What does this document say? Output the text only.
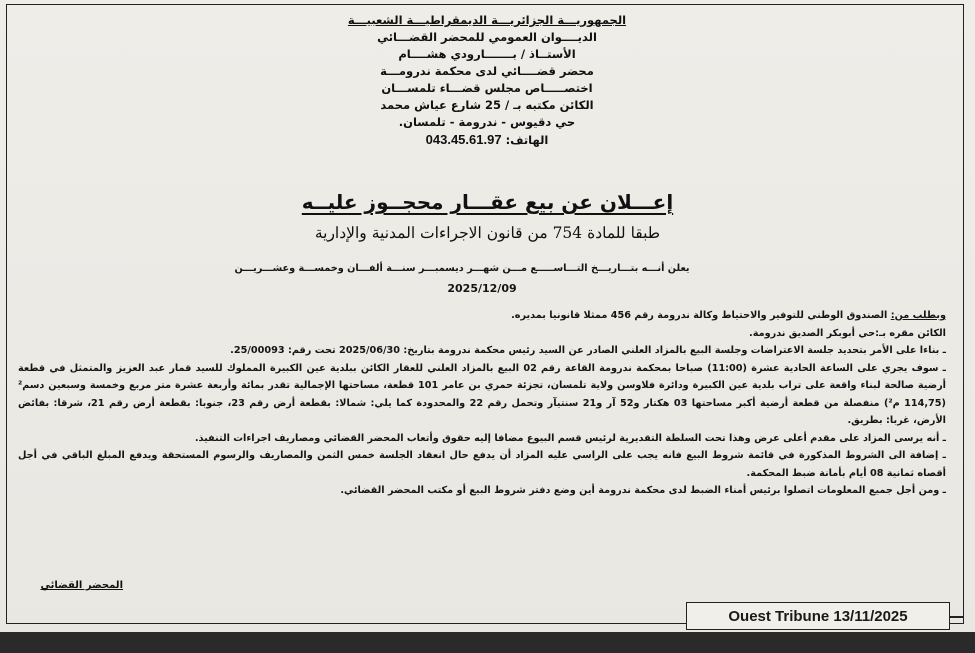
الجمهوريـــة الجزائريـــة الديمقراطيـــة الشعبيـــة
الديــــوان العمومي للمحضر القضـــائي
الأستــاذ / بـــــــارودي هشــــام
محضر قضــــائي لدى محكمة ندرومـــة
اختصـــــاص مجلس قضـــاء تلمســـان
الكائن مكتبه بـ / 25 شارع عياش محمد
حي دقيوس - ندرومة - تلمسان.
الهاتف: 043.45.61.97
إعـــلان عن بيع عقـــار محجــوز عليــه
طبقا للمادة 754 من قانون الاجراءات المدنية والإدارية

يعلن أنـــه بتـــاريـــخ التـــاســـــع مـــن شهـــر ديسمبـــر سنـــة ألفـــان وخمســـة وعشـــريـــن

2025/12/09

وبطلب من: الصندوق الوطني للتوفير والاحتياط وكالة ندرومة رقم 456 ممثلا قانونيا بمديره.

الكائن مقره بـ:حي أبوبكر الصديق ندرومة.

ـ بناءا على الأمر بتحديد جلسة الاعتراضات وجلسة البيع بالمزاد العلني الصادر عن السيد رئيس محكمة ندرومة بتاريخ: 2025/06/30 تحت رقم: 25/00093.

ـ سوف يجري على الساعة الحادية عشرة (11:00) صباحا بمحكمة ندرومة القاعة رقم 02 البيع بالمزاد العلني للعقار الكائن ببلدية عين الكبيرة المملوك للسيد قمار عبد العزيز والمتمثل في قطعة أرضية صالحة لبناء واقعة على تراب بلدية عين الكبيرة ودائرة فلاوسن ولاية تلمسان، تجزئة حمري بن عامر 101 قطعة، مساحتها الإجمالية تقدر بمائة وأربعة عشرة متر مربع وخمسة وسبعين دسم² (114,75 م²) منفصلة من قطعة أرضية أكبر مساحتها 03 هكتار و52 آر و21 سنتيآر وتحمل رقم 22 والمحدودة كما يلي: شمالا: بقطعة أرض رقم 23، جنوبا: بقطعة أرض رقم 21، شرقا: بفائض الأرض، غربا: بطريق.

ـ أنه يرسى المزاد على مقدم أعلى عرض وهذا تحت السلطة التقديرية لرئيس قسم البيوع مضافا إليه حقوق وأتعاب المحضر القضائي ومصاريف اجراءات التنفيذ.

ـ إضافة الى الشروط المذكورة في قائمة شروط البيع فانه يجب على الراسي عليه المزاد أن يدفع حال انعقاد الجلسة خمس الثمن والمصاريف والرسوم المستحقة ويدفع المبلغ الباقي في أجل أقصاه ثمانية 08 أيام بأمانة ضبط المحكمة.

ـ ومن أجل جميع المعلومات اتصلوا برئيس أمناء الضبط لدى محكمة ندرومة أين وضع دفتر شروط البيع أو مكتب المحضر القضائي.

المحضر القضائي
Ouest Tribune 13/11/2025
